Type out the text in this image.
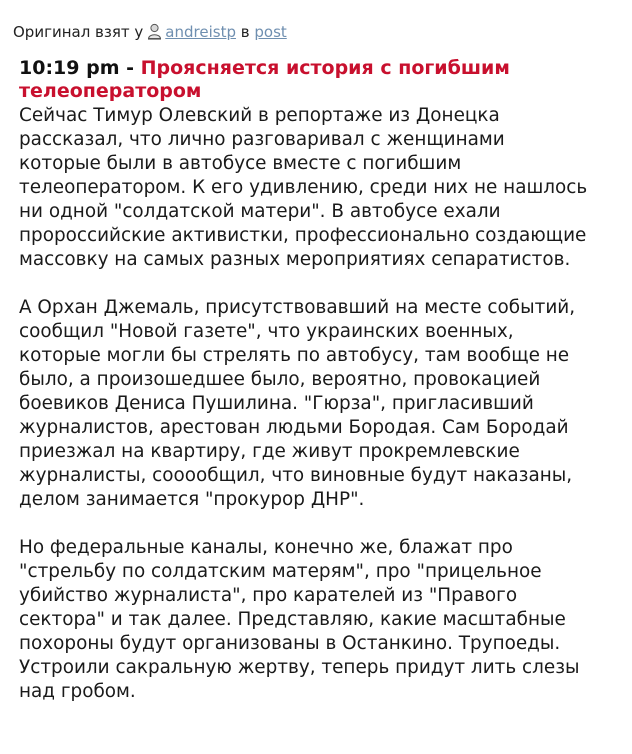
Оригинал взят у andreistp в post
10:19 pm - Проясняется история с погибшим
телеоператором
Сейчас Тимур Олевский в репортаже из Донецка
рассказал, что лично разговаривал с женщинами
которые были в автобусе вместе с погибшим
телеоператором. К его удивлению, среди них не нашлось
ни одной "солдатской матери". В автобусе ехали
пророссийские активистки, профессионально создающие
массовку на самых разных мероприятиях сепаратистов.
А Орхан Джемаль, присутствовавший на месте событий,
сообщил "Новой газете", что украинских военных,
которые могли бы стрелять по автобусу, там вообще не
было, а произошедшее было, вероятно, провокацией
боевиков Дениса Пушилина. "Гюрза", пригласивший
журналистов, арестован людьми Бородая. Сам Бородай
приезжал на квартиру, где живут прокремлевские
журналисты, сооообщил, что виновные будут наказаны,
делом занимается "прокурор ДНР".
Но федеральные каналы, конечно же, блажат про
"стрельбу по солдатским матерям", про "прицельное
убийство журналиста", про карателей из "Правого
сектора" и так далее. Представляю, какие масштабные
похороны будут организованы в Останкино. Трупоеды.
Устроили сакральную жертву, теперь придут лить слезы
над гробом.
